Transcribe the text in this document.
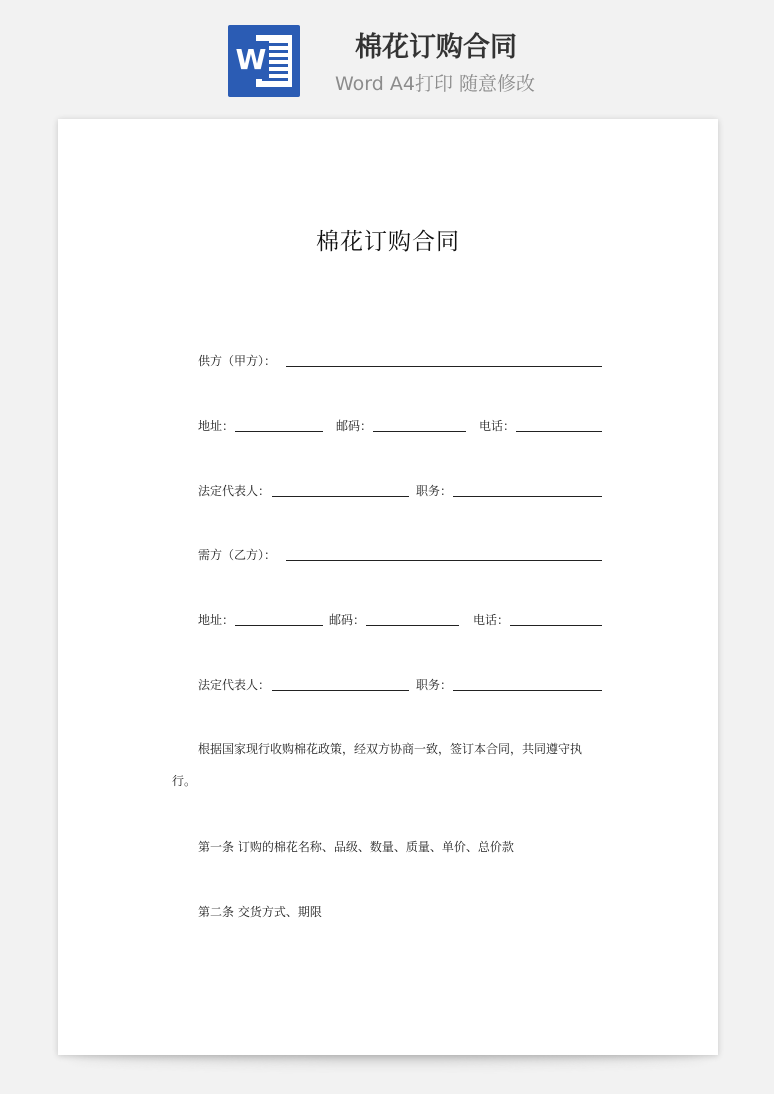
W	棉花订购合同
Word A4打印 随意修改

棉花订购合同
供方（甲方）：
地址：	邮码：	电话：
法定代表人：	职务：
需方（乙方）：
地址：	邮码：	电话：
法定代表人：	职务：
根据国家现行收购棉花政策，经双方协商一致，签订本合同，共同遵守执
行。
第一条 订购的棉花名称、品级、数量、质量、单价、总价款
第二条 交货方式、期限
